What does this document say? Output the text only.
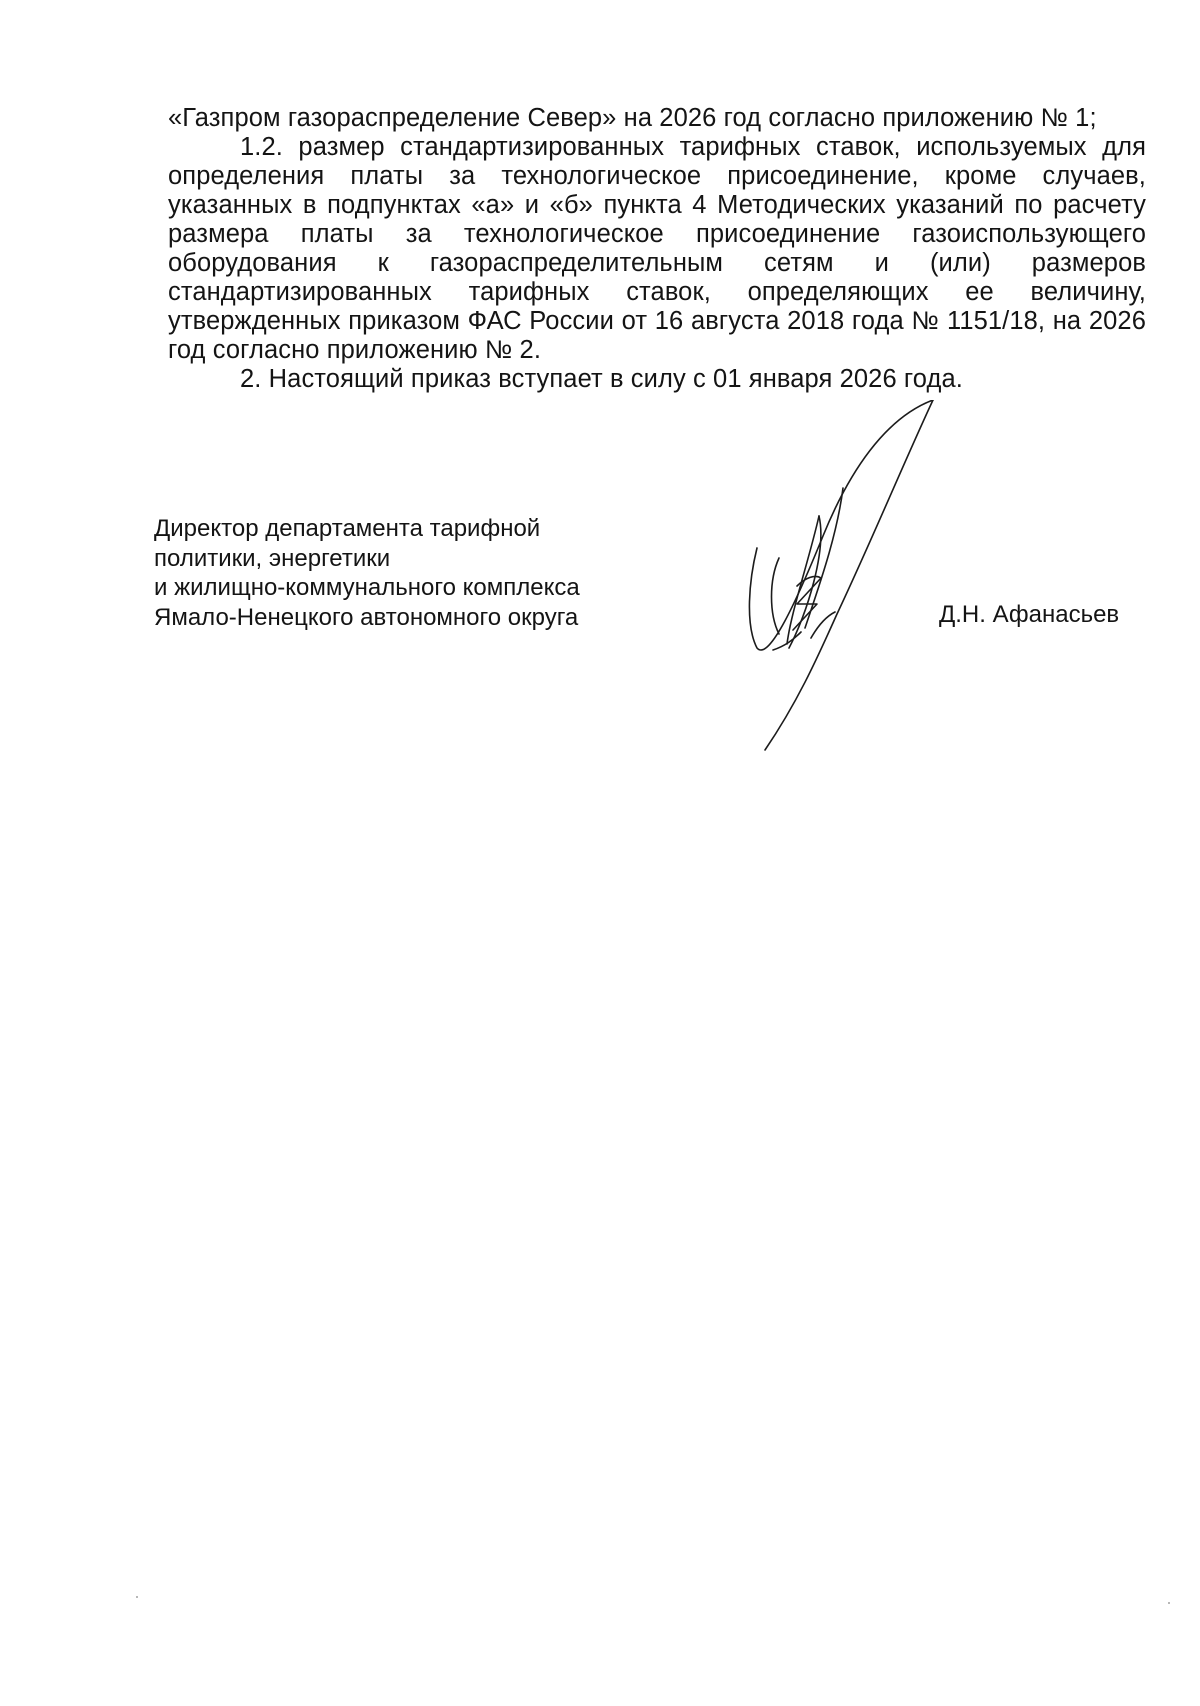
«Газпром газораспределение Север» на 2026 год согласно приложению № 1;

1.2. размер стандартизированных тарифных ставок, используемых для определения платы за технологическое присоединение, кроме случаев, указанных в подпунктах «а» и «б» пункта 4 Методических указаний по расчету размера платы за технологическое присоединение газоиспользующего оборудования к газораспределительным сетям и (или) размеров стандартизированных тарифных ставок, определяющих ее величину, утвержденных приказом ФАС России от 16 августа 2018 года № 1151/18, на 2026 год согласно приложению № 2.

2. Настоящий приказ вступает в силу с 01 января 2026 года.

Директор департамента тарифной
политики, энергетики
и жилищно-коммунального комплекса
Ямало-Ненецкого автономного округа	Д.Н. Афанасьев
